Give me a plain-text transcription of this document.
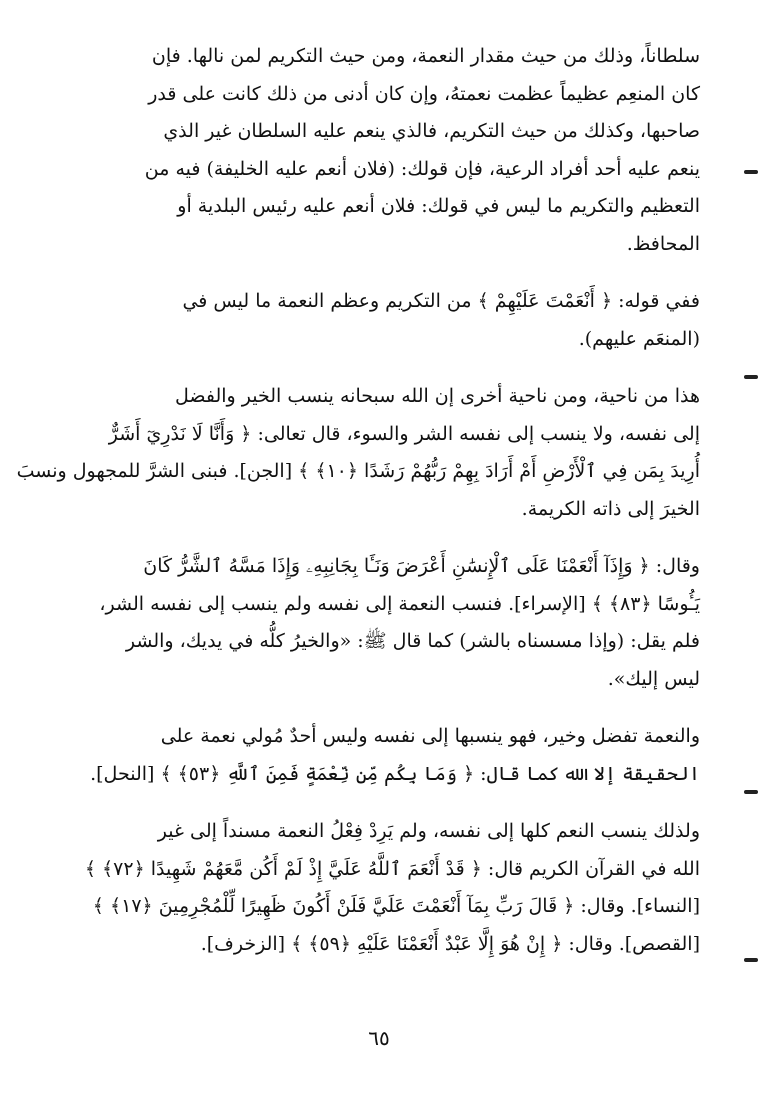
سلطاناً، وذلك من حيث مقدار النعمة، ومن حيث التكريم لمن نالها. فإن
كان المنعِم عظيماً عظمت نعمتهُ، وإن كان أدنى من ذلك كانت على قدر
صاحبها، وكذلك من حيث التكريم، فالذي ينعم عليه السلطان غير الذي
ينعم عليه أحد أفراد الرعية، فإن قولك: (فلان أنعم عليه الخليفة) فيه من
التعظيم والتكريم ما ليس في قولك: فلان أنعم عليه رئيس البلدية أو
المحافظ.

ففي قوله: ﴿ أَنْعَمْتَ عَلَيْهِمْ ﴾ من التكريم وعظم النعمة ما ليس في
(المنعَم عليهم).

هذا من ناحية، ومن ناحية أخرى إن الله سبحانه ينسب الخير والفضل
إلى نفسه، ولا ينسب إلى نفسه الشر والسوء، قال تعالى: ﴿ وَأَنَّا لَا نَدْرِيٓ أَشَرٌّ
أُرِيدَ بِمَن فِي ٱلْأَرْضِ أَمْ أَرَادَ بِهِمْ رَبُّهُمْ رَشَدًا ﴿١٠﴾ ﴾ [الجن]. فبنى الشرَّ للمجهول ونسبَ
الخيرَ إلى ذاته الكريمة.

وقال: ﴿ وَإِذَآ أَنْعَمْنَا عَلَى ٱلْإِنسَٰنِ أَعْرَضَ وَنَـَٔا بِجَانِبِهِۦ وَإِذَا مَسَّهُ ٱلشَّرُّ كَانَ
يَـُٔوسًا ﴿٨٣﴾ ﴾ [الإسراء]. فنسب النعمة إلى نفسه ولم ينسب إلى نفسه الشر،
فلم يقل: (وإذا مسسناه بالشر) كما قال ﷺ: «والخيرُ كلُّه في يديك، والشر
ليس إليك».

والنعمة تفضل وخير، فهو ينسبها إلى نفسه وليس أحدٌ مُولي نعمة على
الحقيقة إلا الله كما قال: ﴿ وَمَا بِكُم مِّن نِّعْمَةٍ فَمِنَ ٱللَّهِ ﴿٥٣﴾ ﴾ [النحل].

ولذلك ينسب النعم كلها إلى نفسه، ولم يَرِدْ فِعْلُ النعمة مسنداً إلى غير
الله في القرآن الكريم قال: ﴿ قَدْ أَنْعَمَ ٱللَّهُ عَلَيَّ إِذْ لَمْ أَكُن مَّعَهُمْ شَهِيدًا ﴿٧٢﴾ ﴾
[النساء]. وقال: ﴿ قَالَ رَبِّ بِمَآ أَنْعَمْتَ عَلَيَّ فَلَنْ أَكُونَ ظَهِيرًا لِّلْمُجْرِمِينَ ﴿١٧﴾ ﴾
[القصص]. وقال: ﴿ إِنْ هُوَ إِلَّا عَبْدٌ أَنْعَمْنَا عَلَيْهِ ﴿٥٩﴾ ﴾ [الزخرف].

٦٥
